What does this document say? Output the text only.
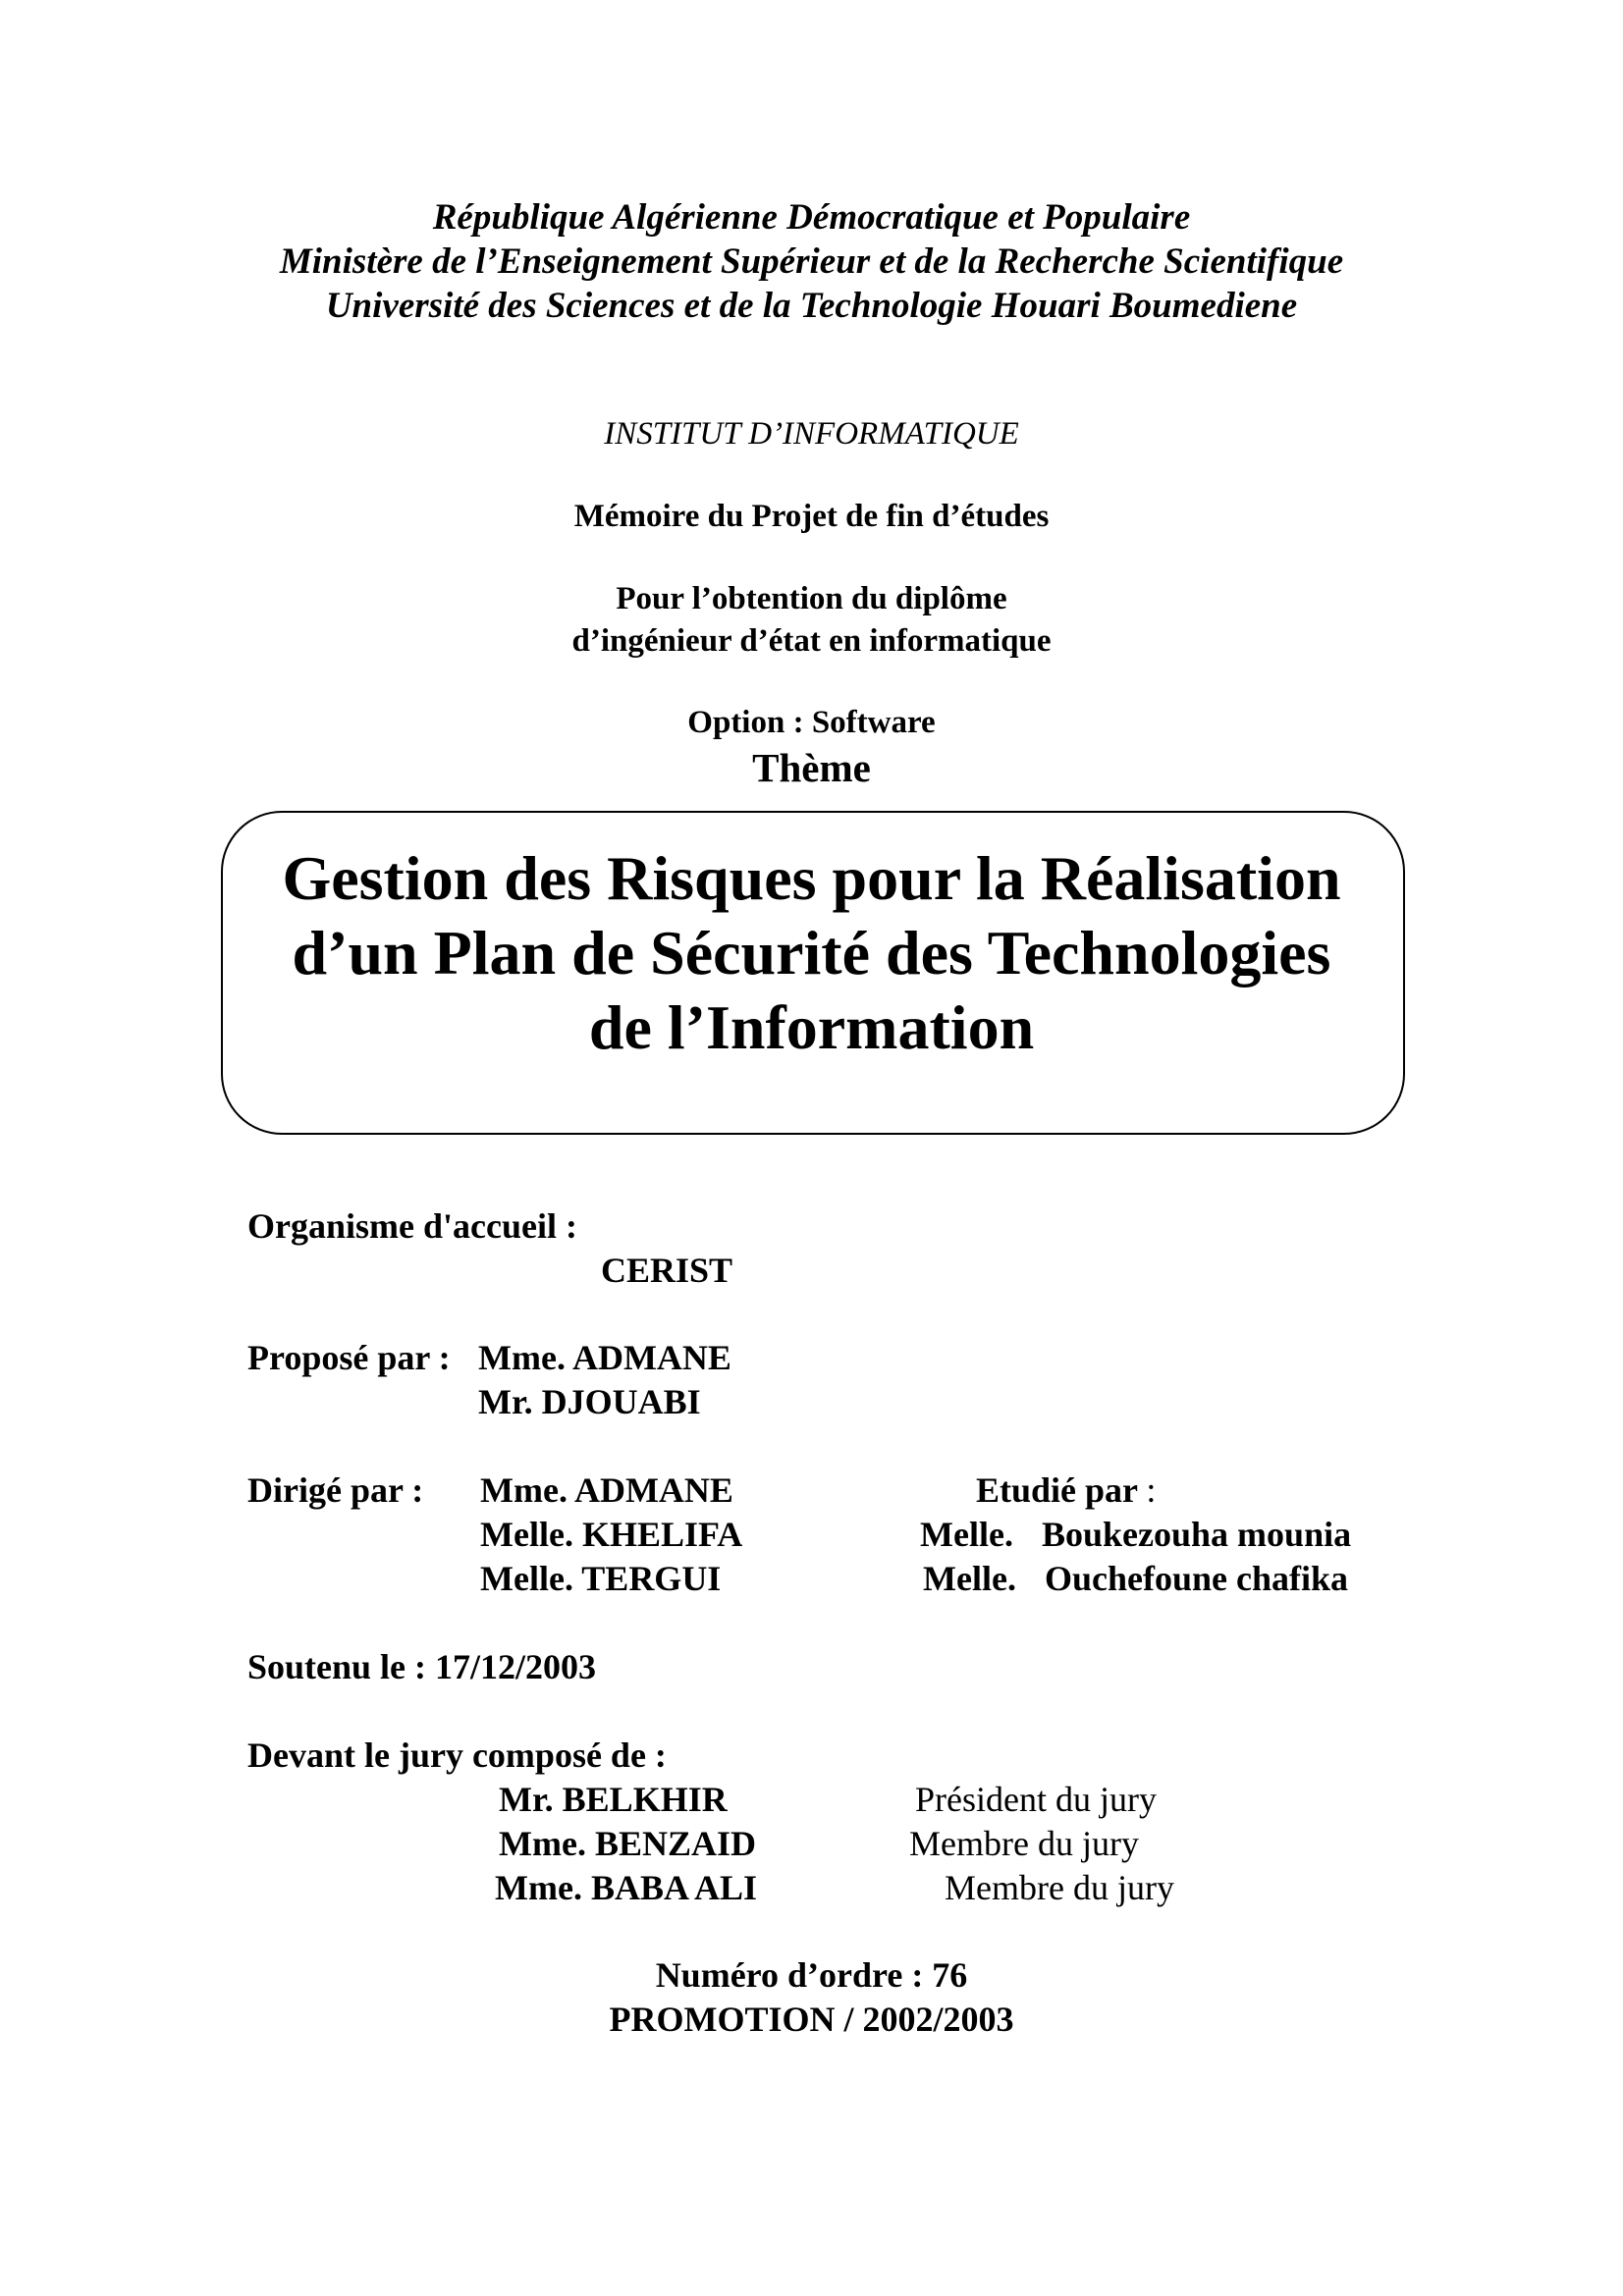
République Algérienne Démocratique et Populaire
Ministère de l’Enseignement Supérieur et de la Recherche Scientifique
Université des Sciences et de la Technologie Houari Boumediene
INSTITUT D’INFORMATIQUE
Mémoire du Projet de fin d’études
Pour l’obtention du diplôme
d’ingénieur d’état en informatique
Option : Software
Thème
Gestion des Risques pour la Réalisation
d’un Plan de Sécurité des Technologies
de l’Information
Organisme d'accueil :
CERIST
Proposé par : Mme. ADMANE
Mr. DJOUABI
Dirigé par : Mme. ADMANE
Melle. KHELIFA
Melle. TERGUI
Etudié par :
Melle. Boukezouha mounia
Melle. Ouchefoune chafika
Soutenu le : 17/12/2003
Devant le jury composé de :
Mr. BELKHIR	Président du jury
Mme. BENZAID	Membre du jury
Mme. BABA ALI	Membre du jury
Numéro d’ordre : 76
PROMOTION / 2002/2003
